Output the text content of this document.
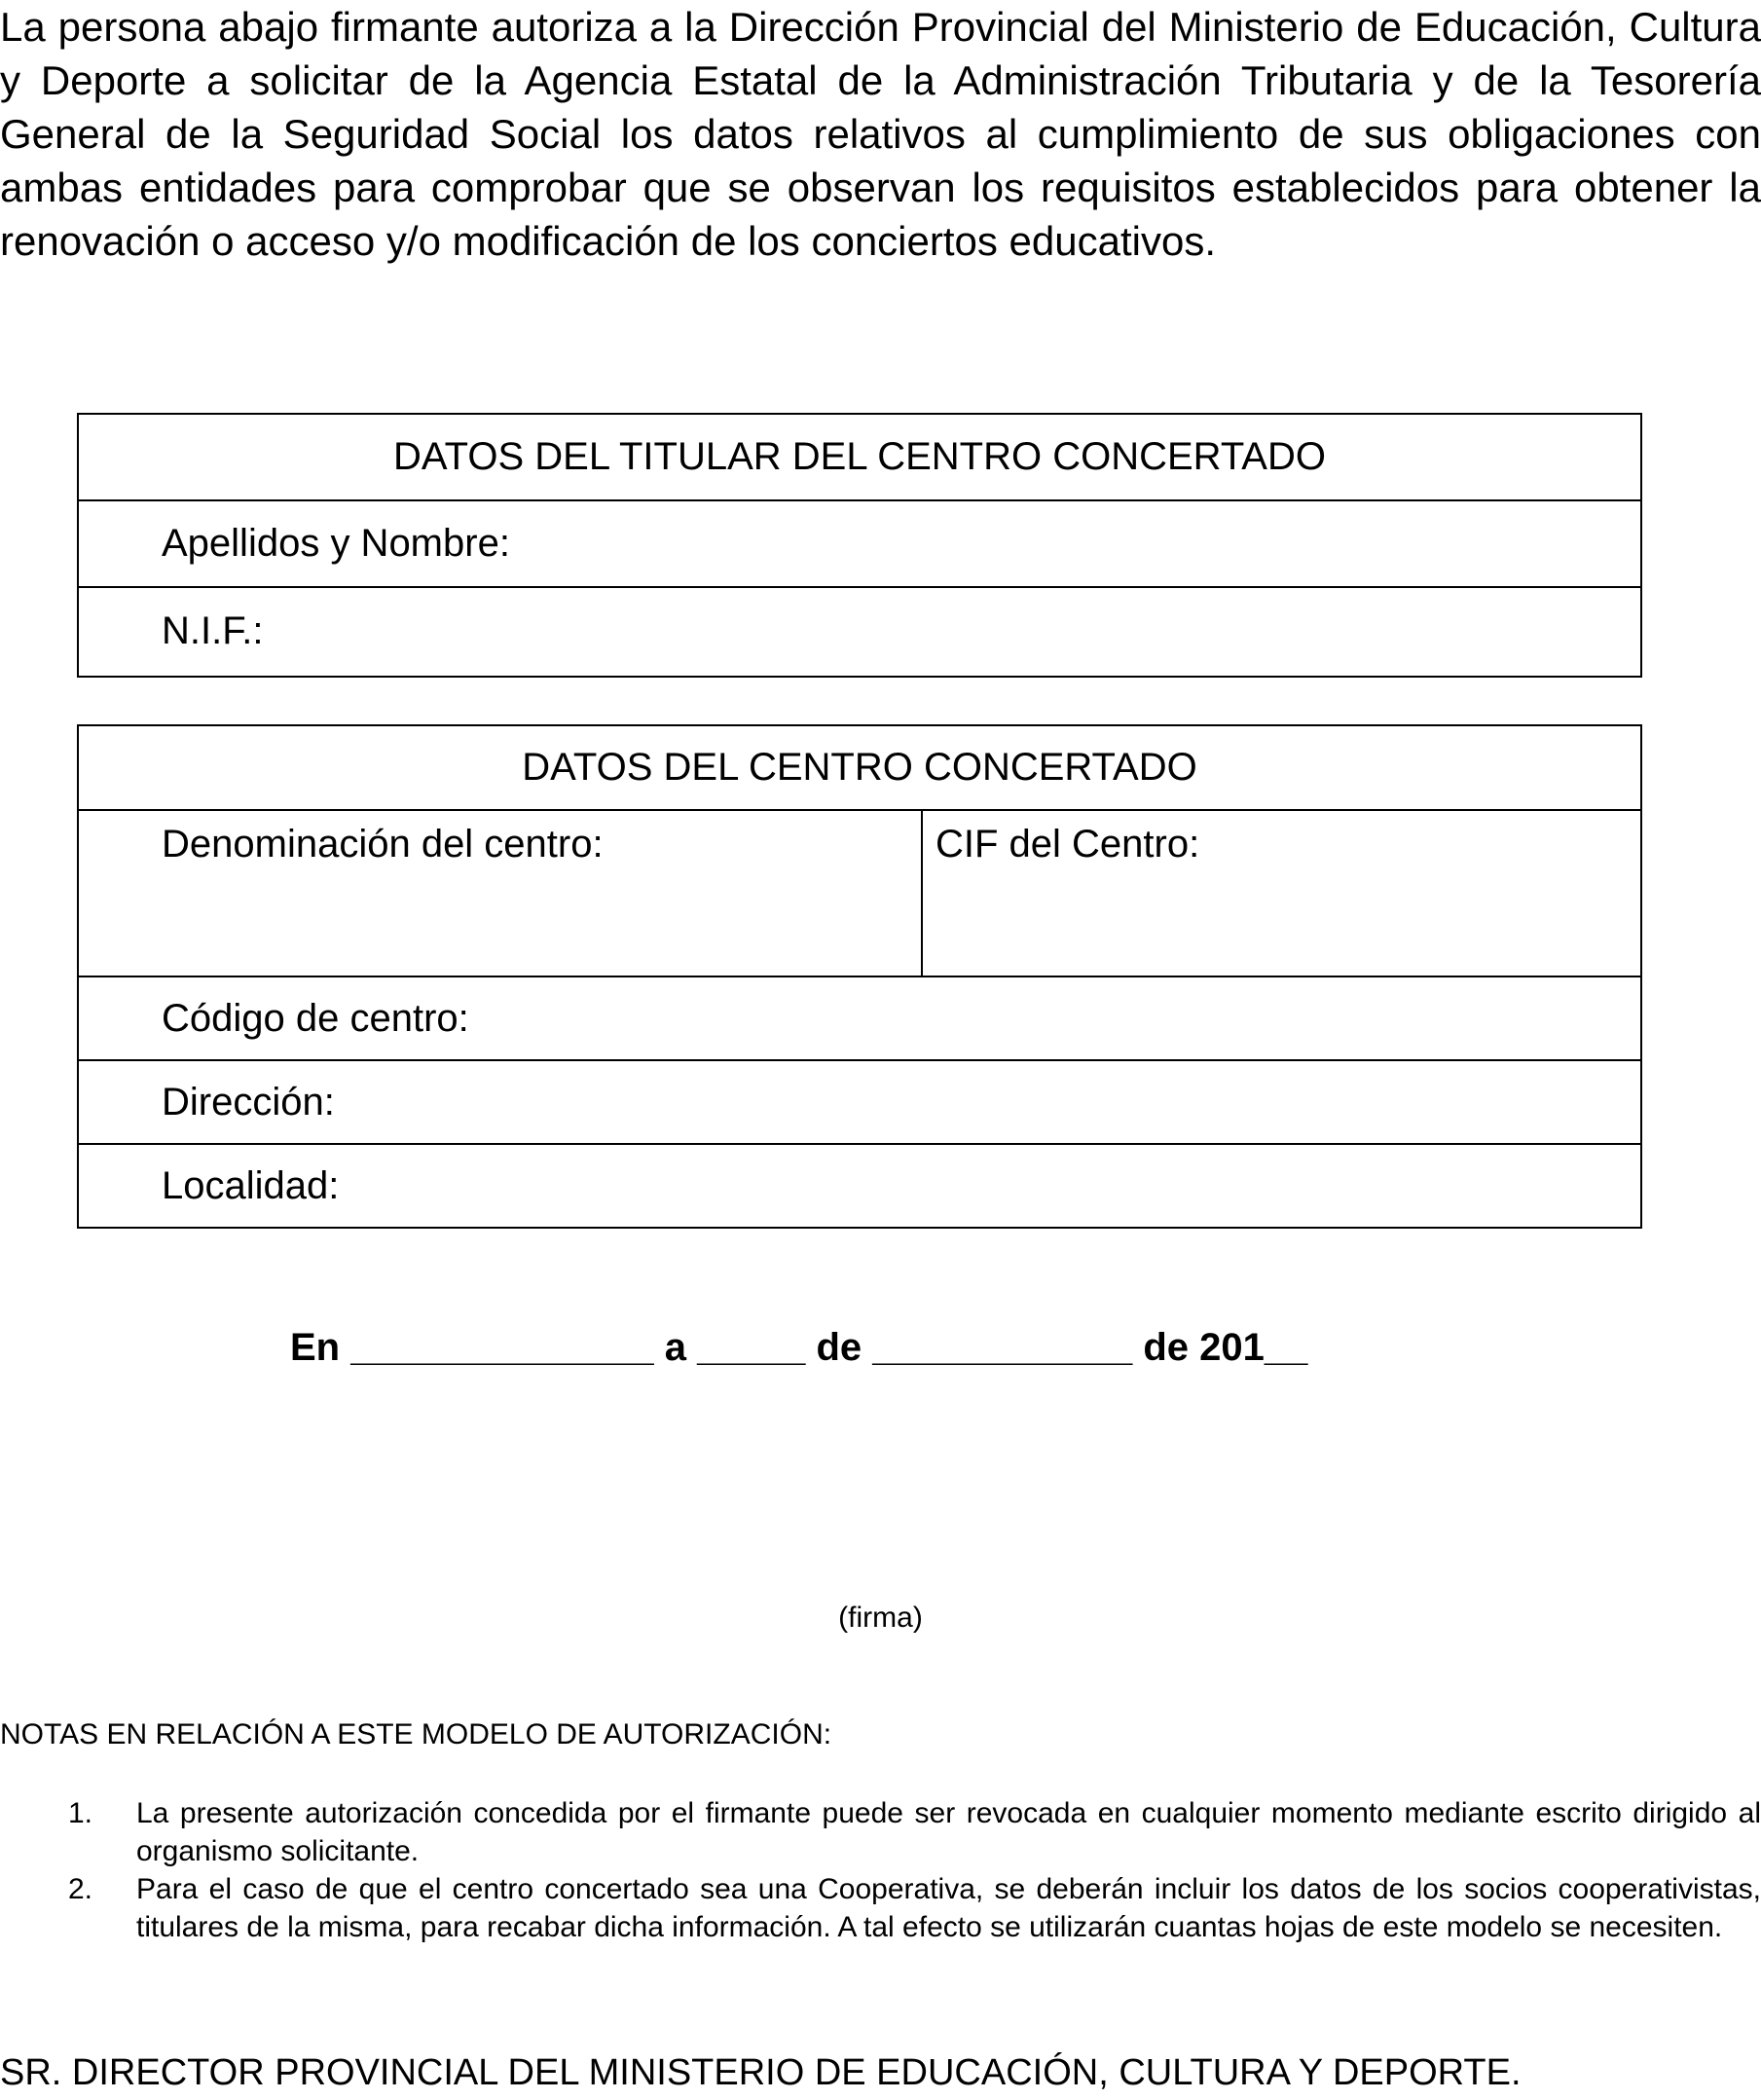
La persona abajo firmante autoriza a la Dirección Provincial del Ministerio de Educación, Cultura y Deporte a solicitar de la Agencia Estatal de la Administración Tributaria y de la Tesorería General de la Seguridad Social los datos relativos al cumplimiento de sus obligaciones con ambas entidades para comprobar que se observan los requisitos establecidos para obtener la renovación o acceso y/o modificación de los conciertos educativos.

DATOS DEL TITULAR DEL CENTRO CONCERTADO
Apellidos y Nombre:
N.I.F.:
DATOS DEL CENTRO CONCERTADO
Denominación del centro:	CIF del Centro:
Código de centro:
Dirección:
Localidad:
En ______________ a _____ de ____________ de 201__
(firma)
NOTAS EN RELACIÓN A ESTE MODELO DE AUTORIZACIÓN:
1. La presente autorización concedida por el firmante puede ser revocada en cualquier momento mediante escrito dirigido al organismo solicitante.
2. Para el caso de que el centro concertado sea una Cooperativa, se deberán incluir los datos de los socios cooperativistas, titulares de la misma, para recabar dicha información. A tal efecto se utilizarán cuantas hojas de este modelo se necesiten.
SR. DIRECTOR PROVINCIAL DEL MINISTERIO DE EDUCACIÓN, CULTURA Y DEPORTE.
